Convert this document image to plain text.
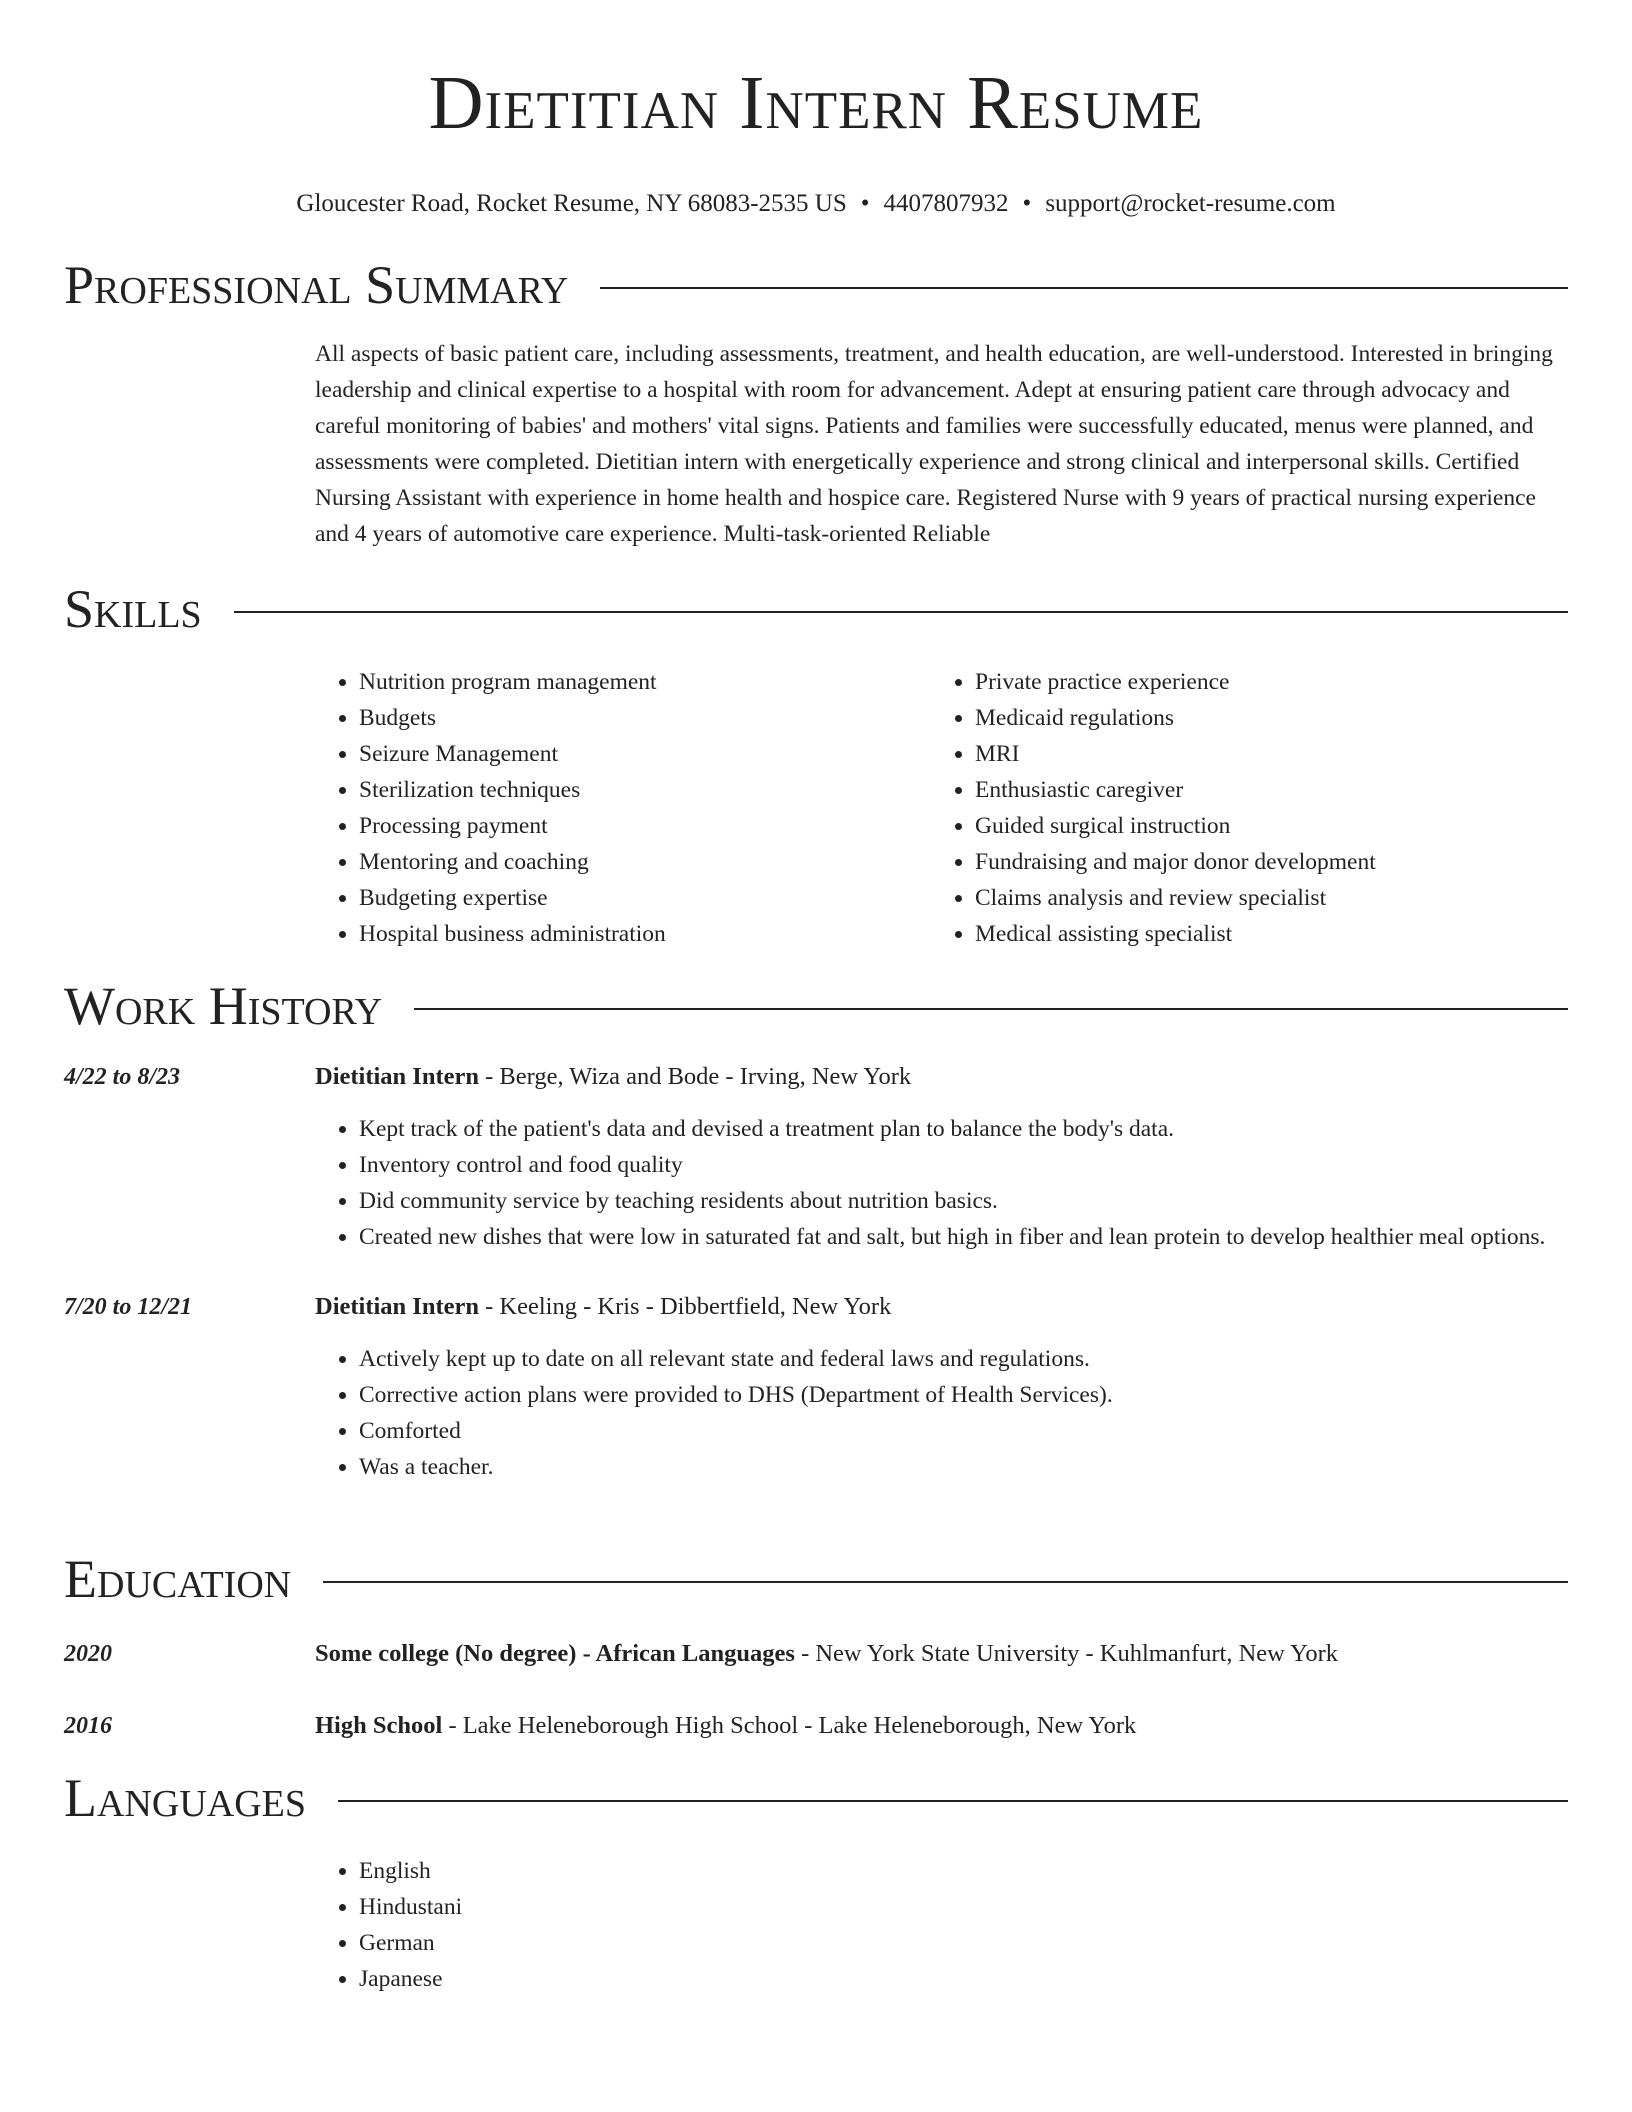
Dietitian Intern Resume
Gloucester Road, Rocket Resume, NY 68083-2535 US • 4407807932 • support@rocket-resume.com
Professional Summary

All aspects of basic patient care, including assessments, treatment, and health education, are well-understood. Interested in bringing leadership and clinical expertise to a hospital with room for advancement. Adept at ensuring patient care through advocacy and careful monitoring of babies' and mothers' vital signs. Patients and families were successfully educated, menus were planned, and assessments were completed. Dietitian intern with energetically experience and strong clinical and interpersonal skills. Certified Nursing Assistant with experience in home health and hospice care. Registered Nurse with 9 years of practical nursing experience and 4 years of automotive care experience. Multi-task-oriented Reliable

Skills
• Nutrition program management
• Budgets
• Seizure Management
• Sterilization techniques
• Processing payment
• Mentoring and coaching
• Budgeting expertise
• Hospital business administration
• Private practice experience
• Medicaid regulations
• MRI
• Enthusiastic caregiver
• Guided surgical instruction
• Fundraising and major donor development
• Claims analysis and review specialist
• Medical assisting specialist
Work History
4/22 to 8/23	Dietitian Intern - Berge, Wiza and Bode - Irving, New York
• Kept track of the patient's data and devised a treatment plan to balance the body's data.
• Inventory control and food quality
• Did community service by teaching residents about nutrition basics.
• Created new dishes that were low in saturated fat and salt, but high in fiber and lean protein to develop healthier meal options.
7/20 to 12/21	Dietitian Intern - Keeling - Kris - Dibbertfield, New York
• Actively kept up to date on all relevant state and federal laws and regulations.
• Corrective action plans were provided to DHS (Department of Health Services).
• Comforted
• Was a teacher.
Education
2020	Some college (No degree) - African Languages - New York State University - Kuhlmanfurt, New York
2016	High School - Lake Heleneborough High School - Lake Heleneborough, New York
Languages
• English
• Hindustani
• German
• Japanese
